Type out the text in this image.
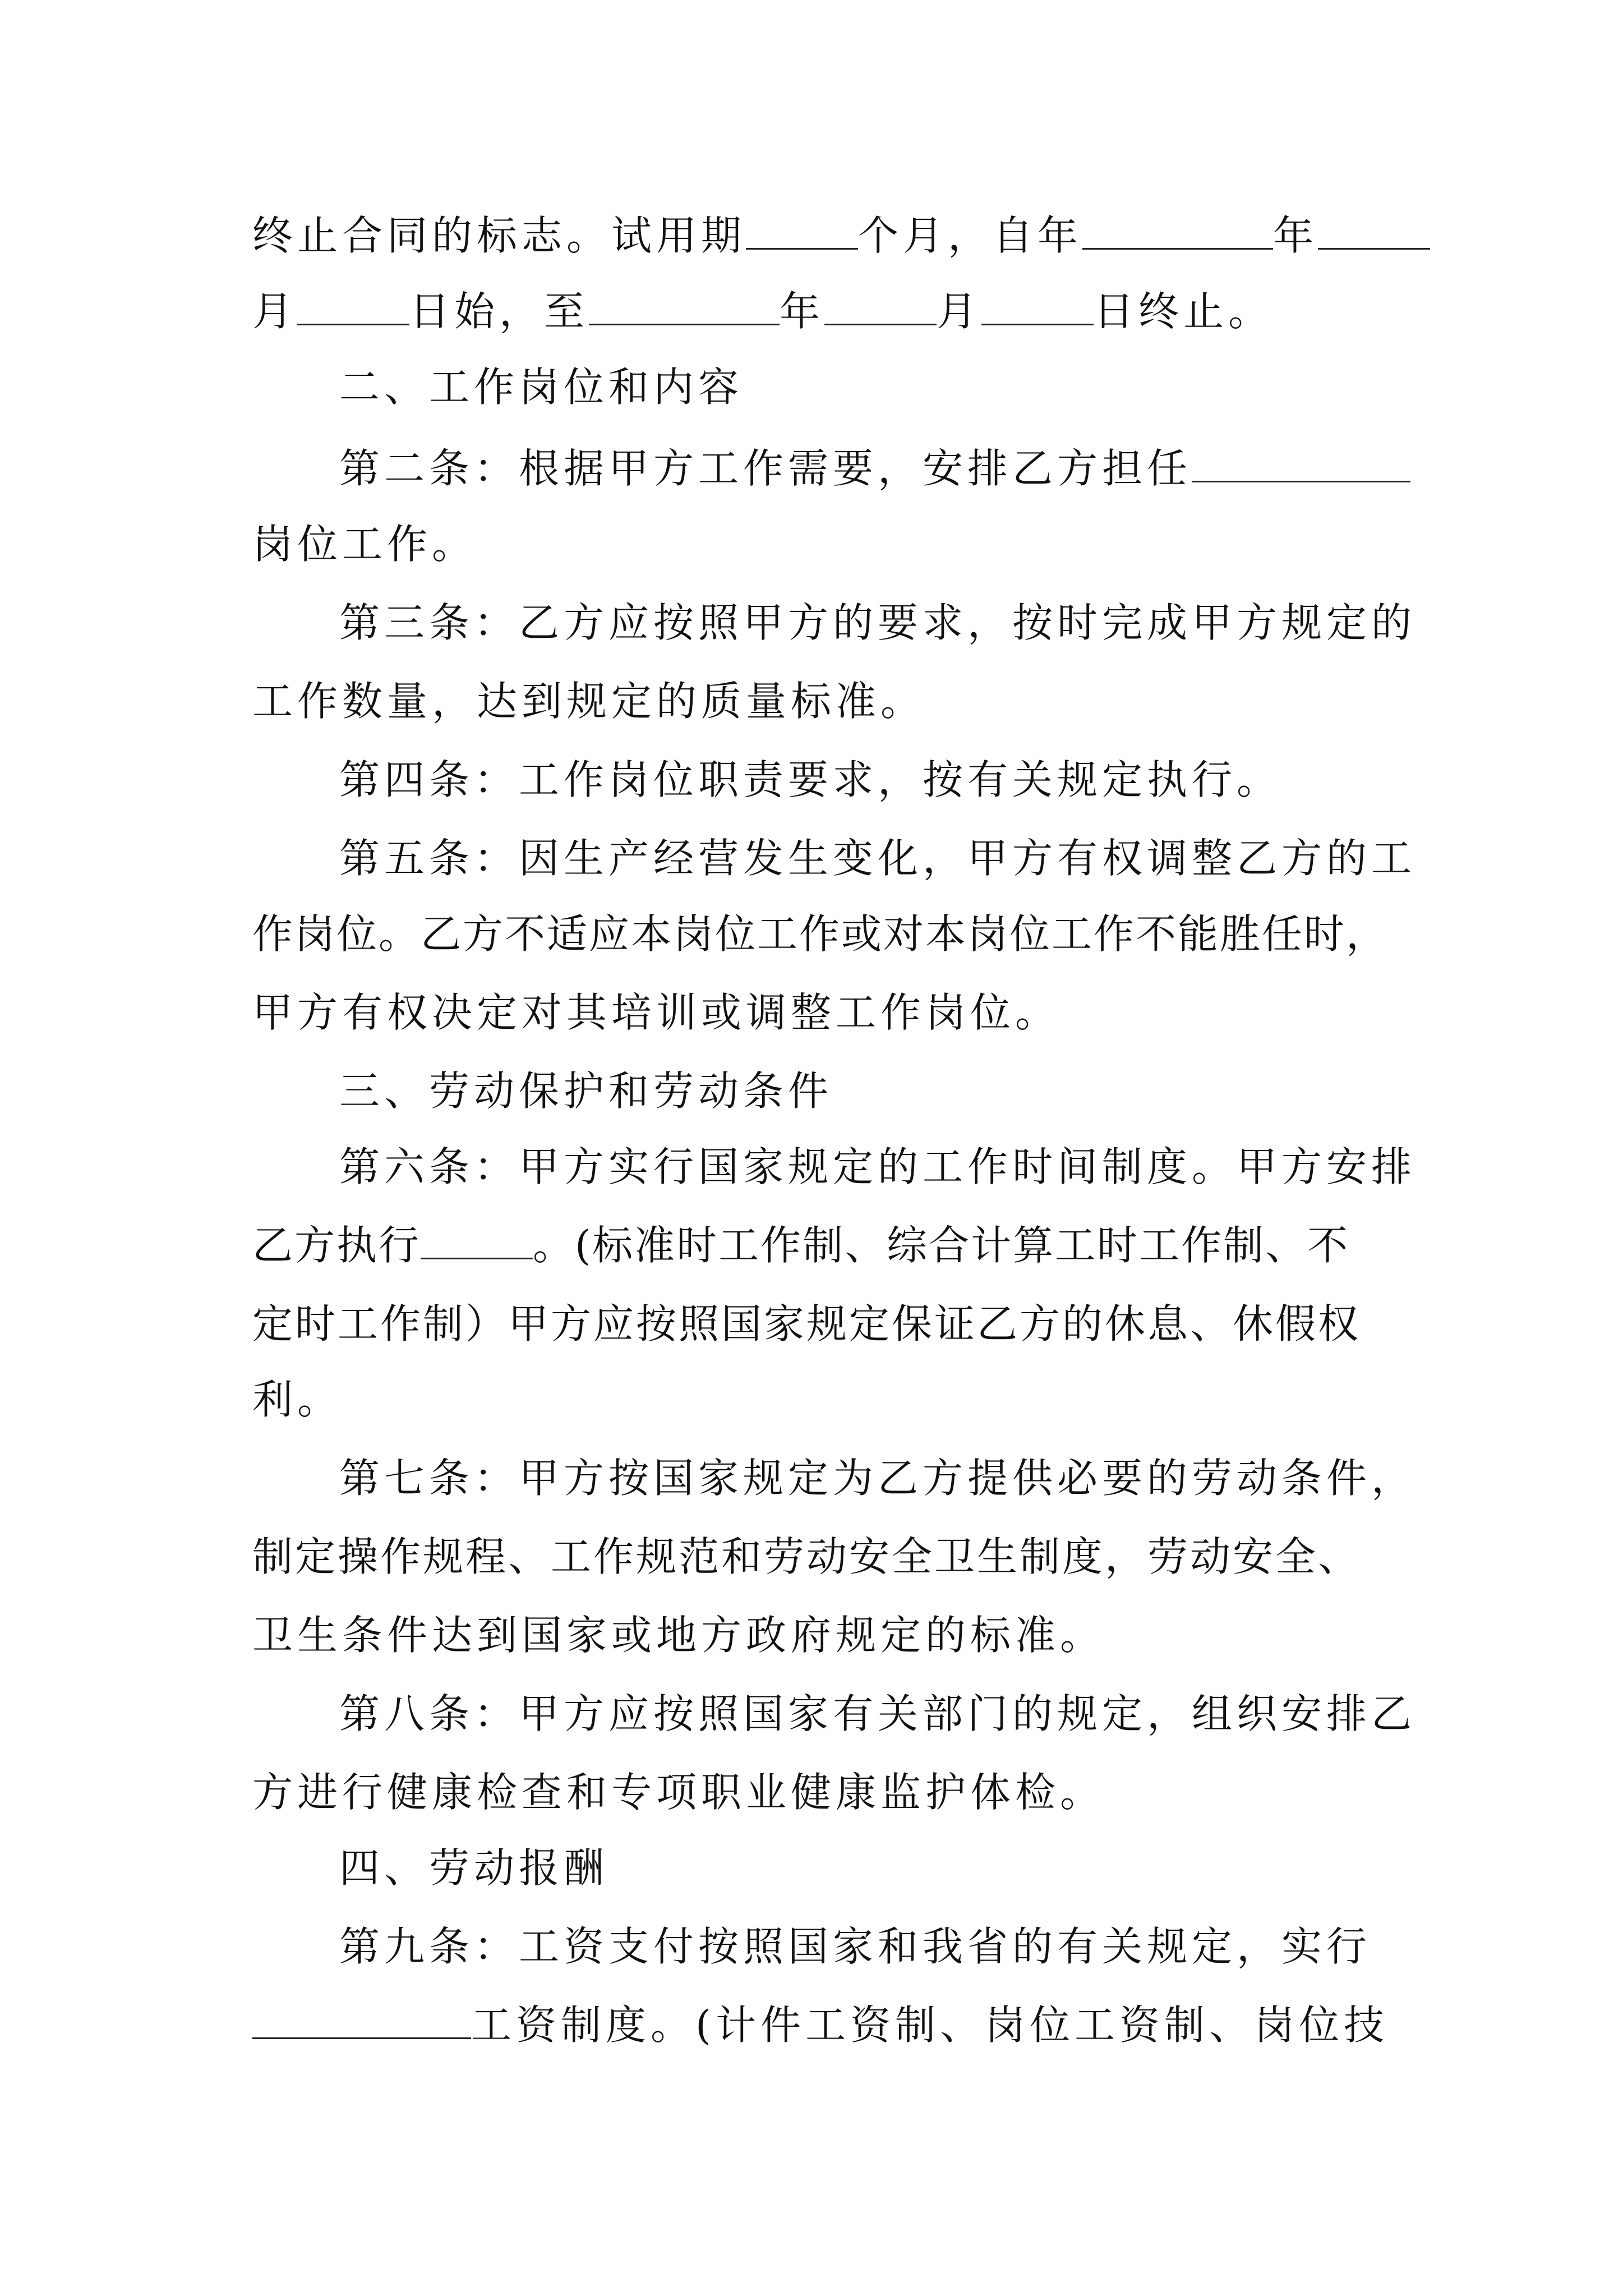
终止合同的标志。试用期	个月，自年	年
月	日始，至	年	月	日终止。
二、工作岗位和内容
第二条：根据甲方工作需要，安排乙方担任
岗位工作。
第三条：乙方应按照甲方的要求，按时完成甲方规定的
工作数量，达到规定的质量标准。
第四条：工作岗位职责要求，按有关规定执行。
第五条：因生产经营发生变化，甲方有权调整乙方的工
作岗位。乙方不适应本岗位工作或对本岗位工作不能胜任时，
甲方有权决定对其培训或调整工作岗位。
三、劳动保护和劳动条件
第六条：甲方实行国家规定的工作时间制度。甲方安排
乙方执行	。(标准时工作制、综合计算工时工作制、不
定时工作制）甲方应按照国家规定保证乙方的休息、休假权
利。
第七条：甲方按国家规定为乙方提供必要的劳动条件，
制定操作规程、工作规范和劳动安全卫生制度，劳动安全、
卫生条件达到国家或地方政府规定的标准。
第八条：甲方应按照国家有关部门的规定，组织安排乙
方进行健康检查和专项职业健康监护体检。
四、劳动报酬
第九条：工资支付按照国家和我省的有关规定，实行
工资制度。(计件工资制、岗位工资制、岗位技
